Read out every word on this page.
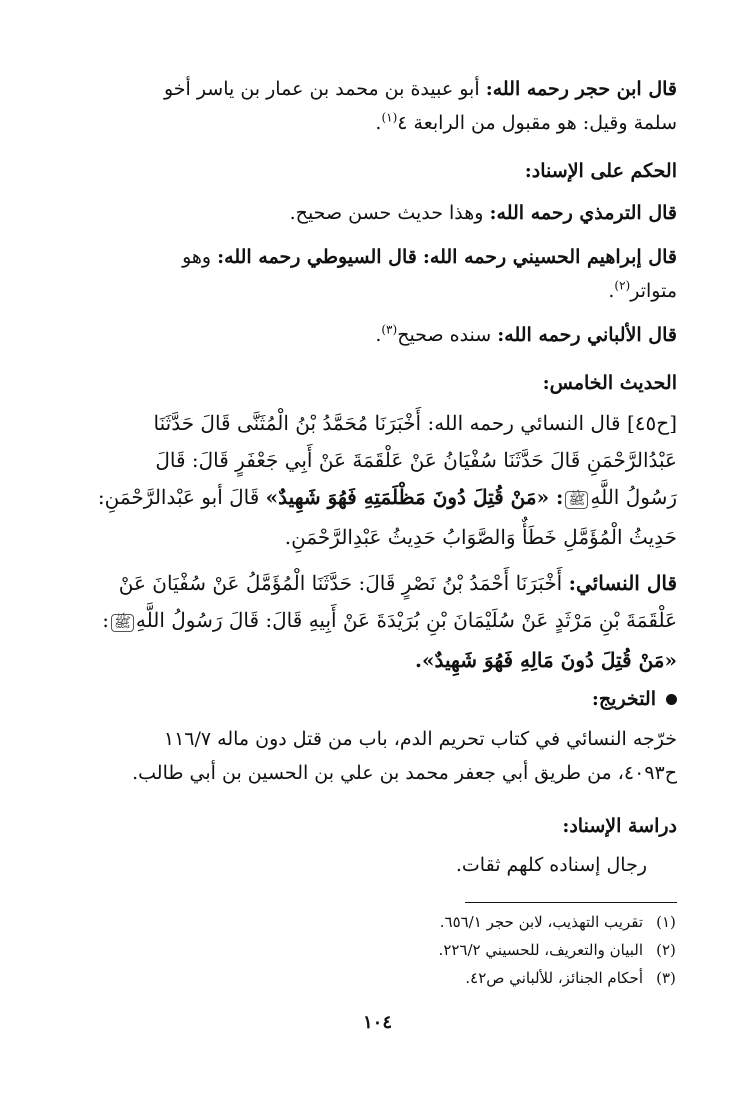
قال ابن حجر رحمه الله: أبو عبيدة بن محمد بن عمار بن ياسر أخو
سلمة وقيل: هو مقبول من الرابعة ٤$^{(١)}$.
الحكم على الإسناد:
قال الترمذي رحمه الله: وهذا حديث حسن صحيح.
قال إبراهيم الحسيني رحمه الله: قال السيوطي رحمه الله: وهو
متواتر$^{(٢)}$.
قال الألباني رحمه الله: سنده صحيح$^{(٣)}$.
الحديث الخامس:
[ح٤٥] قال النسائي رحمه الله: أَخْبَرَنَا مُحَمَّدُ بْنُ الْمُثَنَّى قَالَ حَدَّثَنَا
عَبْدُالرَّحْمَنِ قَالَ حَدَّثَنَا سُفْيَانُ عَنْ عَلْقَمَةَ عَنْ أَبِي جَعْفَرٍ قَالَ: قَالَ
رَسُولُ اللَّهِﷺ: «مَنْ قُتِلَ دُونَ مَظْلَمَتِهِ فَهُوَ شَهِيدٌ» قَالَ أبو عَبْدالرَّحْمَنِ:
حَدِيثُ الْمُؤَمَّلِ خَطَأٌ وَالصَّوَابُ حَدِيثُ عَبْدِالرَّحْمَنِ.
قال النسائي: أَخْبَرَنَا أَحْمَدُ بْنُ نَصْرٍ قَالَ: حَدَّثَنَا الْمُؤَمَّلُ عَنْ سُفْيَانَ عَنْ
عَلْقَمَةَ بْنِ مَرْثَدٍ عَنْ سُلَيْمَانَ بْنِ بُرَيْدَةَ عَنْ أَبِيهِ قَالَ: قَالَ رَسُولُ اللَّهِﷺ:
«مَنْ قُتِلَ دُونَ مَالِهِ فَهُوَ شَهِيدٌ».
التخريج:
خرّجه النسائي في كتاب تحريم الدم، باب من قتل دون ماله ١١٦/٧
ح٤٠٩٣، من طريق أبي جعفر محمد بن علي بن الحسين بن أبي طالب.
دراسة الإسناد:
رجال إسناده كلهم ثقات.
(١)
تقريب التهذيب، لابن حجر ٦٥٦/١.
(٢)
البيان والتعريف، للحسيني ٢٢٦/٢.
(٣)
أحكام الجنائز، للألباني ص٤٢.
١٠٤
